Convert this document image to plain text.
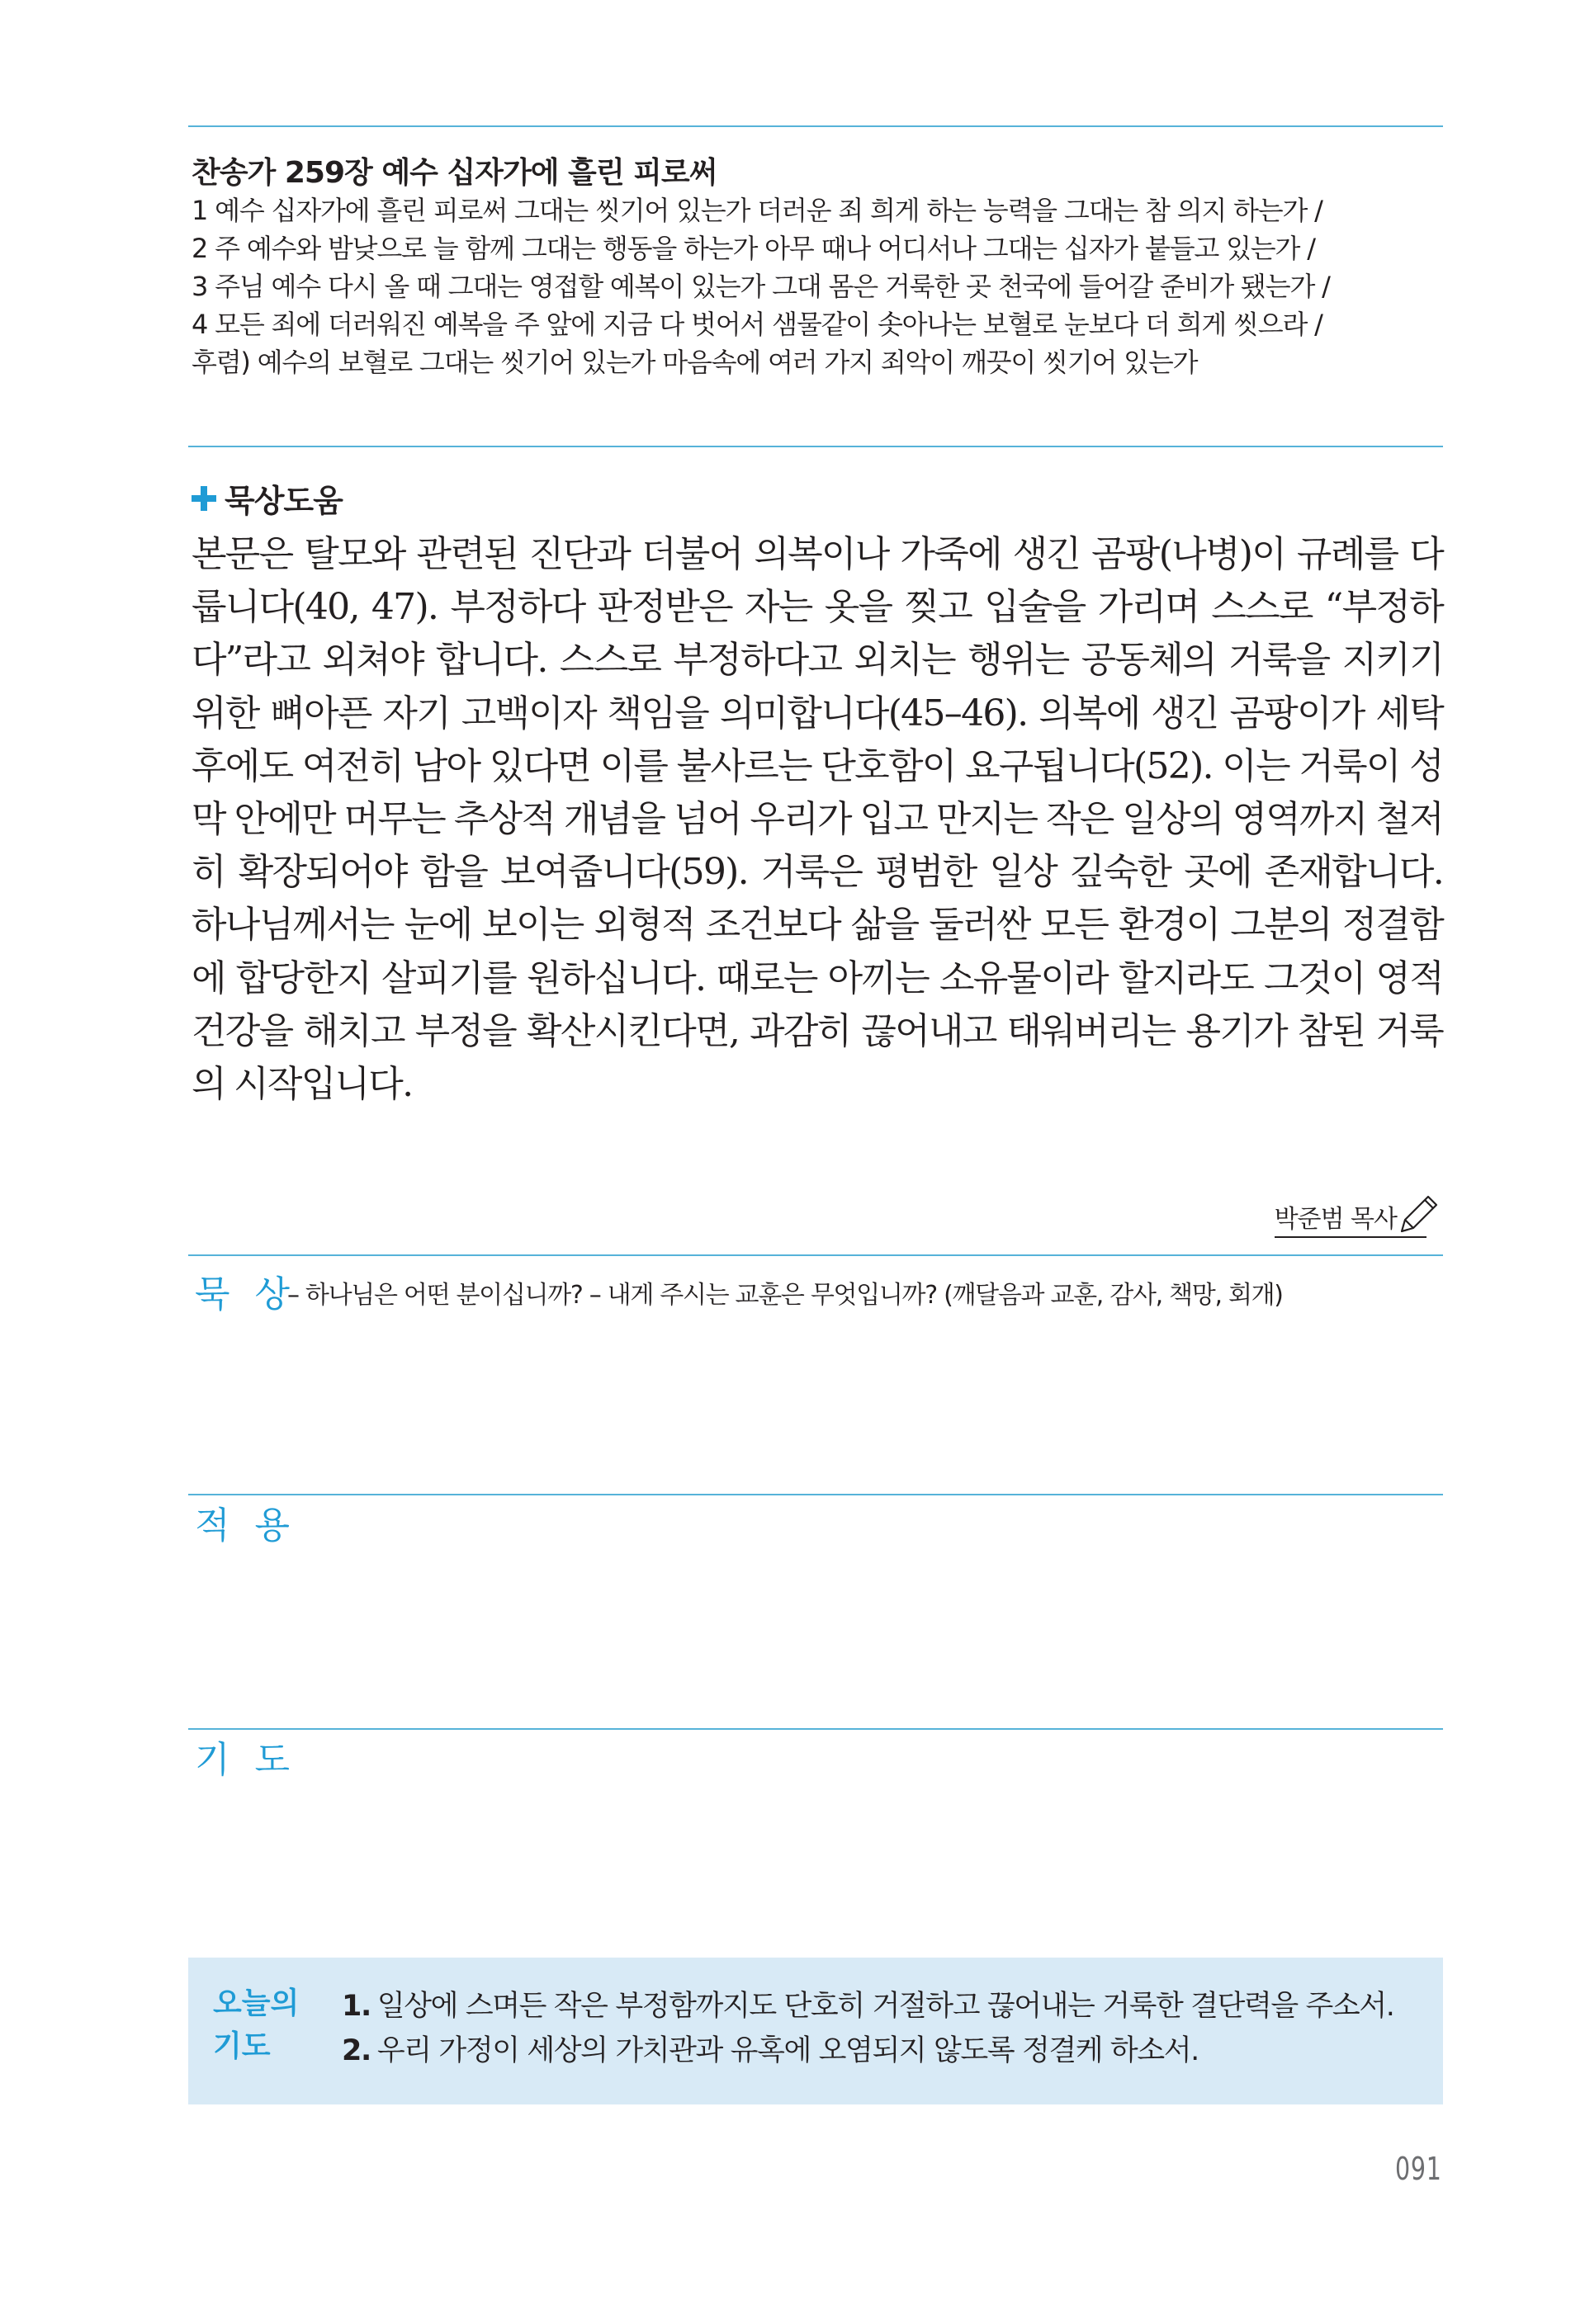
찬송가 259장 예수 십자가에 흘린 피로써
1 예수 십자가에 흘린 피로써 그대는 씻기어 있는가 더러운 죄 희게 하는 능력을 그대는 참 의지 하는가 /
2 주 예수와 밤낮으로 늘 함께 그대는 행동을 하는가 아무 때나 어디서나 그대는 십자가 붙들고 있는가 /
3 주님 예수 다시 올 때 그대는 영접할 예복이 있는가 그대 몸은 거룩한 곳 천국에 들어갈 준비가 됐는가 /
4 모든 죄에 더러워진 예복을 주 앞에 지금 다 벗어서 샘물같이 솟아나는 보혈로 눈보다 더 희게 씻으라 /
후렴) 예수의 보혈로 그대는 씻기어 있는가 마음속에 여러 가지 죄악이 깨끗이 씻기어 있는가
묵상도움
본문은 탈모와 관련된 진단과 더불어 의복이나 가죽에 생긴 곰팡(나병)이 규례를 다룹니다(40, 47). 부정하다 판정받은 자는 옷을 찢고 입술을 가리며 스스로 “부정하다”라고 외쳐야 합니다. 스스로 부정하다고 외치는 행위는 공동체의 거룩을 지키기 위한 뼈아픈 자기 고백이자 책임을 의미합니다(45–46). 의복에 생긴 곰팡이가 세탁 후에도 여전히 남아 있다면 이를 불사르는 단호함이 요구됩니다(52). 이는 거룩이 성막 안에만 머무는 추상적 개념을 넘어 우리가 입고 만지는 작은 일상의 영역까지 철저히 확장되어야 함을 보여줍니다(59). 거룩은 평범한 일상 깊숙한 곳에 존재합니다. 하나님께서는 눈에 보이는 외형적 조건보다 삶을 둘러싼 모든 환경이 그분의 정결함에 합당한지 살피기를 원하십니다. 때로는 아끼는 소유물이라 할지라도 그것이 영적 건강을 해치고 부정을 확산시킨다면, 과감히 끊어내고 태워버리는 용기가 참된 거룩의 시작입니다.
박준범 목사
묵 상
– 하나님은 어떤 분이십니까? – 내게 주시는 교훈은 무엇입니까? (깨달음과 교훈, 감사, 책망, 회개)
적 용
기 도
오늘의
기도
1. 일상에 스며든 작은 부정함까지도 단호히 거절하고 끊어내는 거룩한 결단력을 주소서.
2. 우리 가정이 세상의 가치관과 유혹에 오염되지 않도록 정결케 하소서.
091
